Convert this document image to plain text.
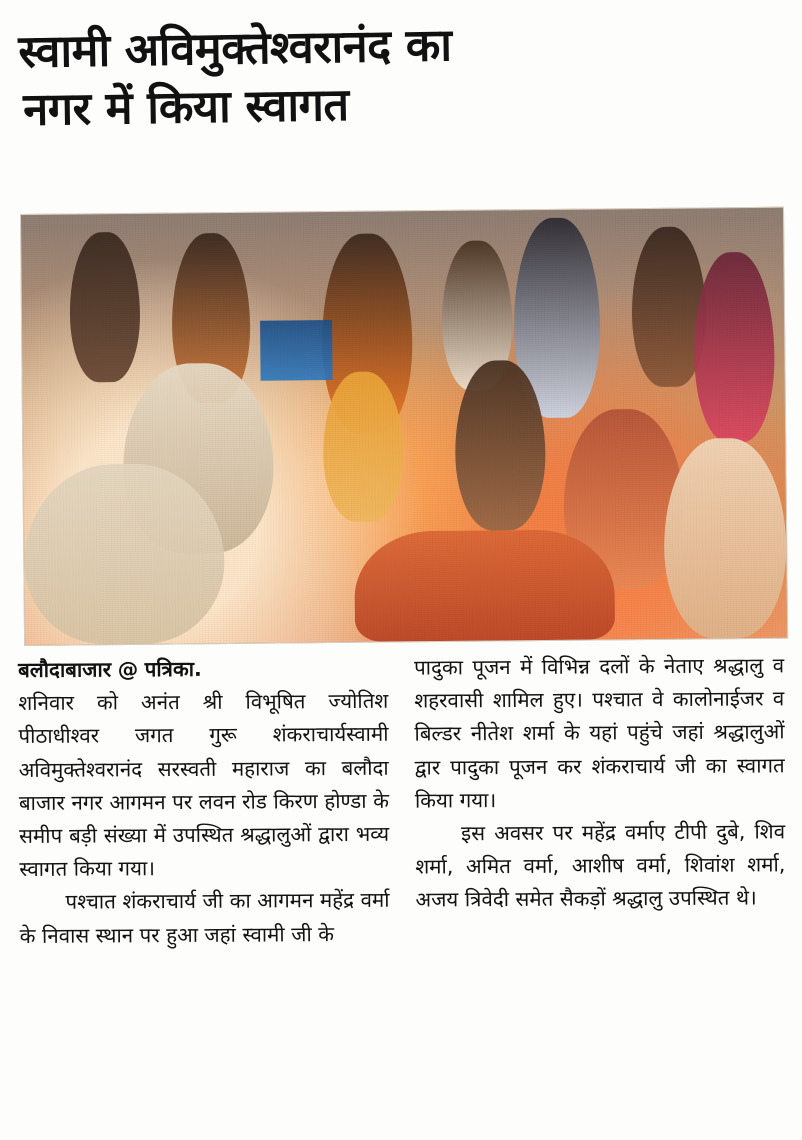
स्वामी अविमुक्तेश्वरानंद का
नगर में किया स्वागत

बलौदाबाजार @ पत्रिका.

शनिवार को अनंत श्री विभूषित ज्योतिश पीठाधीश्वर जगत गुरू शंकराचार्यस्वामी अविमुक्तेश्वरानंद सरस्वती महाराज का बलौदा बाजार नगर आगमन पर लवन रोड किरण होण्डा के समीप बड़ी संख्या में उपस्थित श्रद्धालुओं द्वारा भव्य स्वागत किया गया।

पश्चात शंकराचार्य जी का आगमन महेंद्र वर्मा के निवास स्थान पर हुआ जहां स्वामी जी के

पादुका पूजन में विभिन्न दलों के नेताए श्रद्धालु व शहरवासी शामिल हुए। पश्चात वे कालोनाईजर व बिल्डर नीतेश शर्मा के यहां पहुंचे जहां श्रद्धालुओं द्वार पादुका पूजन कर शंकराचार्य जी का स्वागत किया गया।

इस अवसर पर महेंद्र वर्माए टीपी दुबे, शिव शर्मा, अमित वर्मा, आशीष वर्मा, शिवांश शर्मा, अजय त्रिवेदी समेत सैकड़ों श्रद्धालु उपस्थित थे।
